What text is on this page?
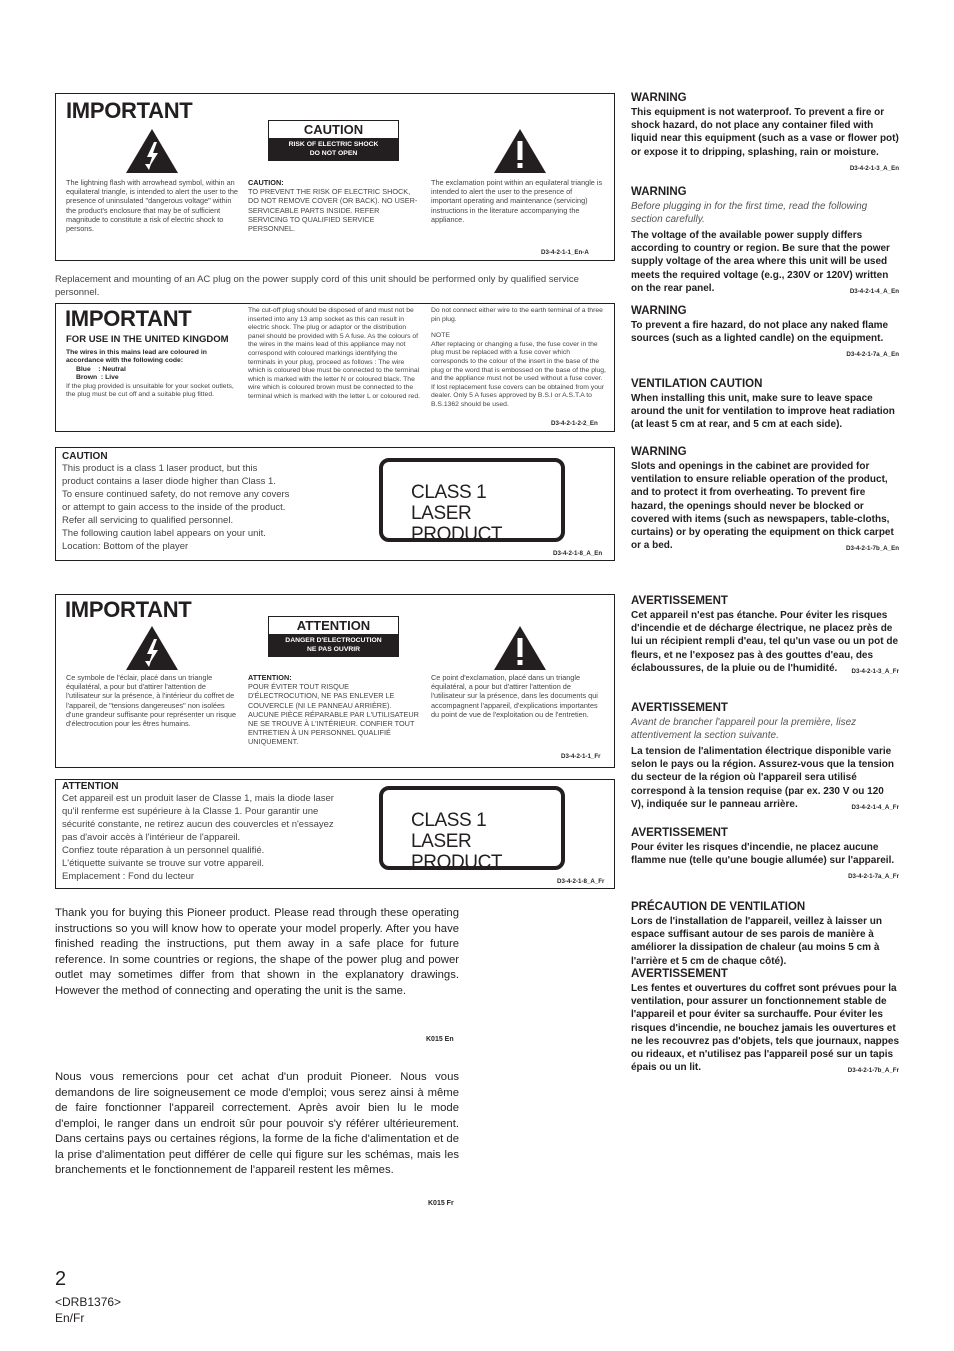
IMPORTANT
CAUTION
RISK OF ELECTRIC SHOCK
DO NOT OPEN
The lightning flash with arrowhead symbol, within an equilateral triangle, is intended to alert the user to the presence of uninsulated "dangerous voltage" within the product's enclosure that may be of sufficient magnitude to constitute a risk of electric shock to persons.
CAUTION:
TO PREVENT THE RISK OF ELECTRIC SHOCK, DO NOT REMOVE COVER (OR BACK). NO USER-SERVICEABLE PARTS INSIDE. REFER SERVICING TO QUALIFIED SERVICE PERSONNEL.
The exclamation point within an equilateral triangle is intended to alert the user to the presence of important operating and maintenance (servicing) instructions in the literature accompanying the appliance.
D3-4-2-1-1_En-A
Replacement and mounting of an AC plug on the power supply cord of this unit should be performed only by qualified service personnel.
IMPORTANT
FOR USE IN THE UNITED KINGDOM
The wires in this mains lead are coloured in accordance with the following code:
Blue    : Neutral
Brown  : Live
If the plug provided is unsuitable for your socket outlets, the plug must be cut off and a suitable plug fitted.
The cut-off plug should be disposed of and must not be inserted into any 13 amp socket as this can result in electric shock. The plug or adaptor or the distribution panel should be provided with 5 A fuse. As the colours of the wires in the mains lead of this appliance may not correspond with coloured markings identifying the terminals in your plug, proceed as follows : The wire which is coloured blue must be connected to the terminal which is marked with the letter N or coloured black. The wire which is coloured brown must be connected to the terminal which is marked with the letter L or coloured red.
Do not connect either wire to the earth terminal of a three pin plug.
NOTE
After replacing or changing a fuse, the fuse cover in the plug must be replaced with a fuse cover which corresponds to the colour of the insert in the base of the plug or the word that is embossed on the base of the plug, and the appliance must not be used without a fuse cover. If lost replacement fuse covers can be obtained from your dealer. Only 5 A fuses approved by B.S.I or A.S.T.A to B.S.1362 should be used.
D3-4-2-1-2-2_En
CAUTION
This product is a class 1 laser product, but this
product contains a laser diode higher than Class 1.
To ensure continued safety, do not remove any covers
or attempt to gain access to the inside of the product.
Refer all servicing to qualified personnel.
The following caution label appears on your unit.
Location: Bottom of the player
CLASS 1
LASER PRODUCT
D3-4-2-1-8_A_En
IMPORTANT
ATTENTION
DANGER D'ELECTROCUTION
NE PAS OUVRIR
Ce symbole de l'éclair, placé dans un triangle équilatéral, a pour but d'attirer l'attention de l'utilisateur sur la présence, à l'intérieur du coffret de l'appareil, de "tensions dangereuses" non isolées d'une grandeur suffisante pour représenter un risque d'électrocution pour les êtres humains.
ATTENTION:
POUR ÉVITER TOUT RISQUE D'ÉLECTROCUTION, NE PAS ENLEVER LE COUVERCLE (NI LE PANNEAU ARRIÈRE). AUCUNE PIÈCE RÉPARABLE PAR L'UTILISATEUR NE SE TROUVE À L'INTÉRIEUR. CONFIER TOUT ENTRETIEN À UN PERSONNEL QUALIFIÉ UNIQUEMENT.
Ce point d'exclamation, placé dans un triangle équilatéral, a pour but d'attirer l'attention de l'utilisateur sur la présence, dans les documents qui accompagnent l'appareil, d'explications importantes du point de vue de l'exploitation ou de l'entretien.
D3-4-2-1-1_Fr
ATTENTION
Cet appareil est un produit laser de Classe 1, mais la diode laser
qu'il renferme est supérieure à la Classe 1. Pour garantir une
sécurité constante, ne retirez aucun des couvercles et n'essayez
pas d'avoir accès à l'intérieur de l'appareil.
Confiez toute réparation à un personnel qualifié.
L'étiquette suivante se trouve sur votre appareil.
Emplacement : Fond du lecteur
CLASS 1
LASER PRODUCT
D3-4-2-1-8_A_Fr
Thank you for buying this Pioneer product. Please read through these operating instructions so you will know how to operate your model properly. After you have finished reading the instructions, put them away in a safe place for future reference. In some countries or regions, the shape of the power plug and power outlet may sometimes differ from that shown in the explanatory drawings. However the method of connecting and operating the unit is the same.
K015 En
Nous vous remercions pour cet achat d'un produit Pioneer. Nous vous demandons de lire soigneusement ce mode d'emploi; vous serez ainsi à même de faire fonctionner l'appareil correctement. Après avoir bien lu le mode d'emploi, le ranger dans un endroit sûr pour pouvoir s'y référer ultérieurement. Dans certains pays ou certaines régions, la forme de la fiche d'alimentation et de la prise d'alimentation peut différer de celle qui figure sur les schémas, mais les branchements et le fonctionnement de l'appareil restent les mêmes.
K015 Fr
WARNING
This equipment is not waterproof. To prevent a fire or shock hazard, do not place any container filed with liquid near this equipment (such as a vase or flower pot) or expose it to dripping, splashing, rain or moisture.
D3-4-2-1-3_A_En
WARNING
Before plugging in for the first time, read the following section carefully.
The voltage of the available power supply differs according to country or region. Be sure that the power supply voltage of the area where this unit will be used meets the required voltage (e.g., 230V or 120V) written on the rear panel.	D3-4-2-1-4_A_En
WARNING
To prevent a fire hazard, do not place any naked flame sources (such as a lighted candle) on the equipment.
D3-4-2-1-7a_A_En
VENTILATION CAUTION
When installing this unit, make sure to leave space around the unit for ventilation to improve heat radiation (at least 5 cm at rear, and 5 cm at each side).
WARNING
Slots and openings in the cabinet are provided for ventilation to ensure reliable operation of the product, and to protect it from overheating. To prevent fire hazard, the openings should never be blocked or covered with items (such as newspapers, table-cloths, curtains) or by operating the equipment on thick carpet or a bed.	D3-4-2-1-7b_A_En
AVERTISSEMENT
Cet appareil n'est pas étanche. Pour éviter les risques d'incendie et de décharge électrique, ne placez près de lui un récipient rempli d'eau, tel qu'un vase ou un pot de fleurs, et ne l'exposez pas à des gouttes d'eau, des éclaboussures, de la pluie ou de l'humidité. D3-4-2-1-3_A_Fr
AVERTISSEMENT
Avant de brancher l'appareil pour la première, lisez attentivement la section suivante.
La tension de l'alimentation électrique disponible varie selon le pays ou la région. Assurez-vous que la tension du secteur de la région où l'appareil sera utilisé correspond à la tension requise (par ex. 230 V ou 120 V), indiquée sur le panneau arrière.	D3-4-2-1-4_A_Fr
AVERTISSEMENT
Pour éviter les risques d'incendie, ne placez aucune flamme nue (telle qu'une bougie allumée) sur l'appareil.
D3-4-2-1-7a_A_Fr
PRÉCAUTION DE VENTILATION
Lors de l'installation de l'appareil, veillez à laisser un espace suffisant autour de ses parois de manière à améliorer la dissipation de chaleur (au moins 5 cm à l'arrière et 5 cm de chaque côté).
AVERTISSEMENT
Les fentes et ouvertures du coffret sont prévues pour la ventilation, pour assurer un fonctionnement stable de l'appareil et pour éviter sa surchauffe. Pour éviter les risques d'incendie, ne bouchez jamais les ouvertures et ne les recouvrez pas d'objets, tels que journaux, nappes ou rideaux, et n'utilisez pas l'appareil posé sur un tapis épais ou un lit.	D3-4-2-1-7b_A_Fr
2
<DRB1376>
En/Fr
